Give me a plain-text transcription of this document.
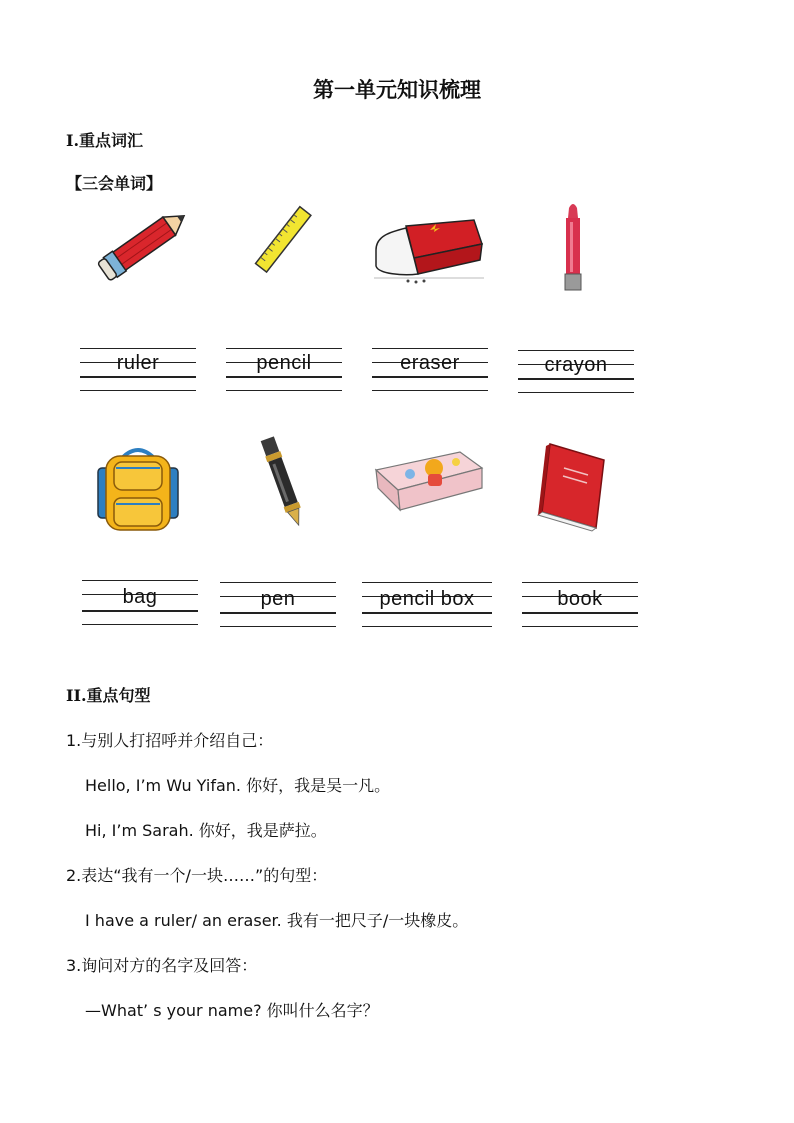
第一单元知识梳理
I.重点词汇
【三会单词】
ruler	pencil	eraser	crayon
bag	pen	pencil box	book
II.重点句型
1.与别人打招呼并介绍自己：
Hello, I’m Wu Yifan. 你好，我是吴一凡。
Hi, I’m Sarah. 你好，我是萨拉。
2.表达“我有一个/一块……”的句型：
I have a ruler/ an eraser. 我有一把尺子/一块橡皮。
3.询问对方的名字及回答：
—What’ s your name? 你叫什么名字？
